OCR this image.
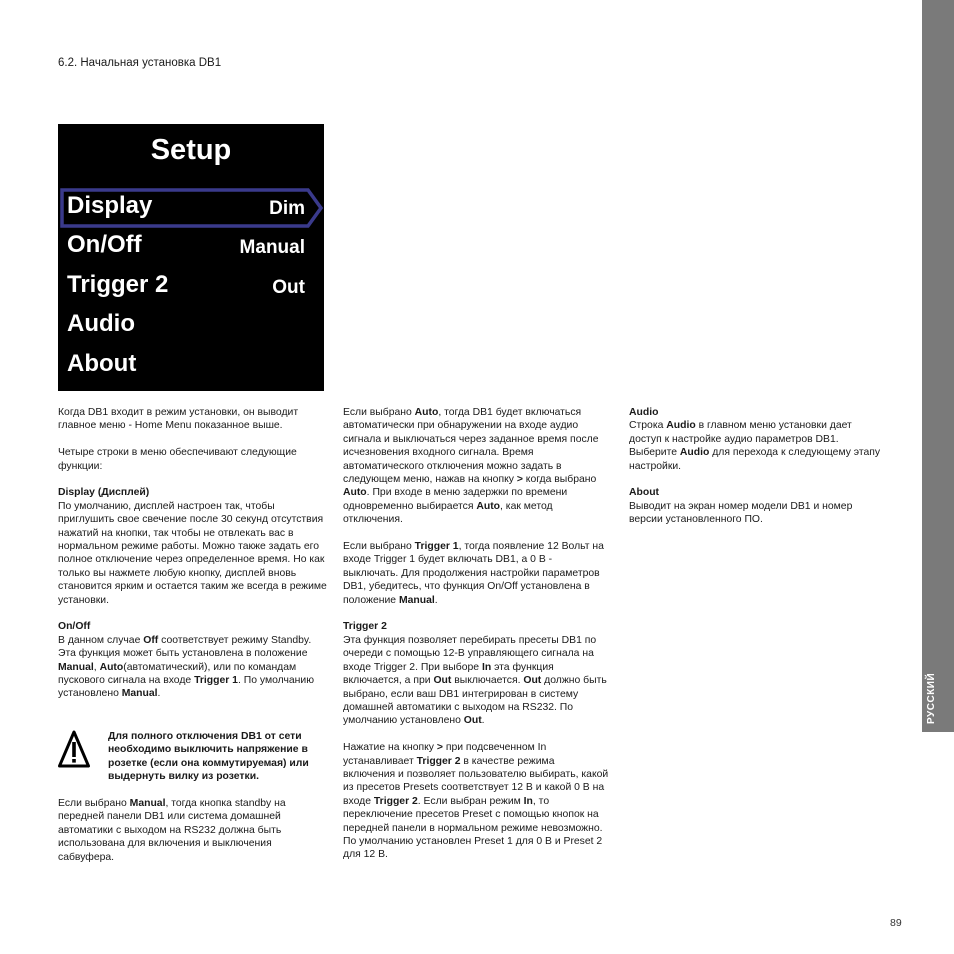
РУССКИЙ
6.2. Начальная установка DB1
Setup
Display	Dim
On/Off	Manual
Trigger 2	Out
Audio
About

Когда DB1 входит в режим установки, он выводит главное меню - Home Menu показанное выше.

Четыре строки в меню обеспечивают следующие функции:

Display (Дисплей)
По умолчанию, дисплей настроен так, чтобы приглушить свое свечение после 30 секунд отсутствия нажатий на кнопки, так чтобы не отвлекать вас в нормальном режиме работы. Можно также задать его полное отключение через определенное время. Но как только вы нажмете любую кнопку, дисплей вновь становится ярким и остается таким же всегда в режиме установки.

On/Off
В данном случае Off соответствует режиму Standby. Эта функция может быть установлена в положение Manual, Auto(автоматический), или по командам пускового сигнала на входе Trigger 1. По умолчанию установлено Manual.

Для полного отключения DB1 от сети необходимо выключить напряжение в розетке (если она коммутируемая) или выдернуть вилку из розетки.

Если выбрано Manual, тогда кнопка standby на передней панели DB1 или система домашней автоматики с выходом на RS232 должна быть использована для включения и выключения сабвуфера.

Если выбрано Auto, тогда DB1 будет включаться автоматически при обнаружении на входе аудио сигнала и выключаться через заданное время после исчезновения входного сигнала. Время автоматического отключения можно задать в следующем меню, нажав на кнопку > когда выбрано Auto. При входе в меню задержки по времени одновременно выбирается Auto, как метод отключения.

Если выбрано Trigger 1, тогда появление 12 Вольт на входе Trigger 1 будет включать DB1, а 0 В - выключать. Для продолжения настройки параметров DB1, убедитесь, что функция On/Off установлена в положение Manual.

Trigger 2
Эта функция позволяет перебирать пресеты DB1 по очереди с помощью 12-В управляющего сигнала на входе Trigger 2. При выборе In эта функция включается, а при Out выключается. Out должно быть выбрано, если ваш DB1 интегрирован в систему домашней автоматики с выходом на RS232. По умолчанию установлено Out.

Нажатие на кнопку > при подсвеченном In устанавливает Trigger 2 в качестве режима включения и позволяет пользователю выбирать, какой из пресетов Presets соответствует 12 В и какой 0 В на входе Trigger 2. Если выбран режим In, то переключение пресетов Preset с помощью кнопок на передней панели в нормальном режиме невозможно. По умолчанию установлен Preset 1 для 0 В и Preset 2 для 12 В.

Audio
Строка Audio в главном меню установки дает доступ к настройке аудио параметров DB1. Выберите Audio для перехода к следующему этапу настройки.

About
Выводит на экран номер модели DB1 и номер версии установленного ПО.

89
